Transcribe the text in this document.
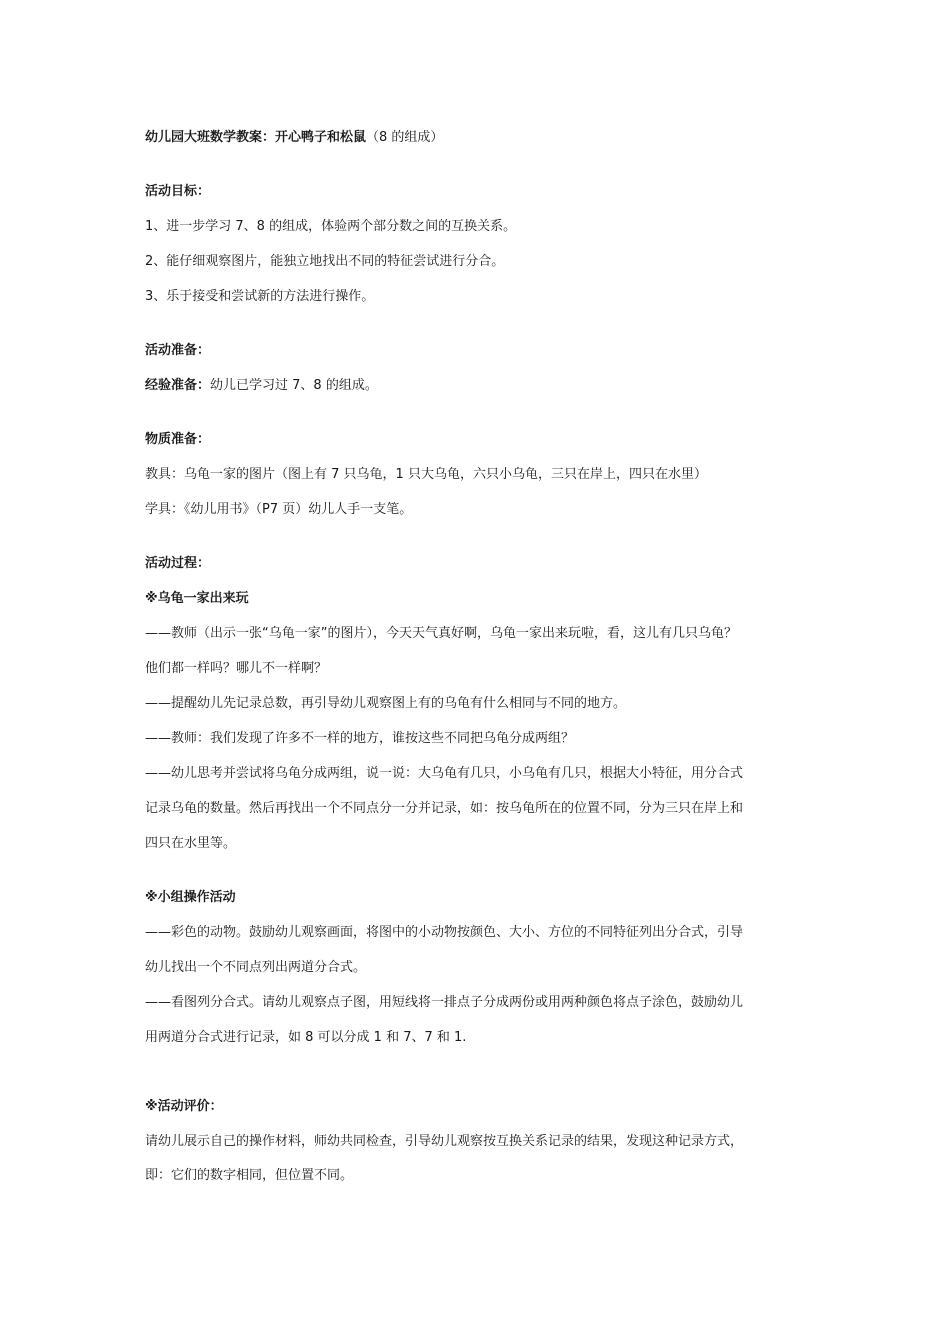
幼儿园大班数学教案：开心鸭子和松鼠（8 的组成）
活动目标：
1、进一步学习 7、8 的组成，体验两个部分数之间的互换关系。
2、能仔细观察图片，能独立地找出不同的特征尝试进行分合。
3、乐于接受和尝试新的方法进行操作。
活动准备：
经验准备：幼儿已学习过 7、8 的组成。
物质准备：
教具：乌龟一家的图片（图上有 7 只乌龟，1 只大乌龟，六只小乌龟，三只在岸上，四只在水里）
学具：《幼儿用书》（P7 页）幼儿人手一支笔。
活动过程：
※乌龟一家出来玩
——教师（出示一张“乌龟一家”的图片），今天天气真好啊，乌龟一家出来玩啦，看，这儿有几只乌龟？
他们都一样吗？哪儿不一样啊？
——提醒幼儿先记录总数，再引导幼儿观察图上有的乌龟有什么相同与不同的地方。
——教师：我们发现了许多不一样的地方，谁按这些不同把乌龟分成两组？
——幼儿思考并尝试将乌龟分成两组，说一说：大乌龟有几只，小乌龟有几只，根据大小特征，用分合式
记录乌龟的数量。然后再找出一个不同点分一分并记录，如：按乌龟所在的位置不同，分为三只在岸上和
四只在水里等。
※小组操作活动
——彩色的动物。鼓励幼儿观察画面，将图中的小动物按颜色、大小、方位的不同特征列出分合式，引导
幼儿找出一个不同点列出两道分合式。
——看图列分合式。请幼儿观察点子图，用短线将一排点子分成两份或用两种颜色将点子涂色，鼓励幼儿
用两道分合式进行记录，如 8 可以分成 1 和 7、7 和 1.
※活动评价：
请幼儿展示自己的操作材料，师幼共同检查，引导幼儿观察按互换关系记录的结果，发现这种记录方式，
即：它们的数字相同，但位置不同。
